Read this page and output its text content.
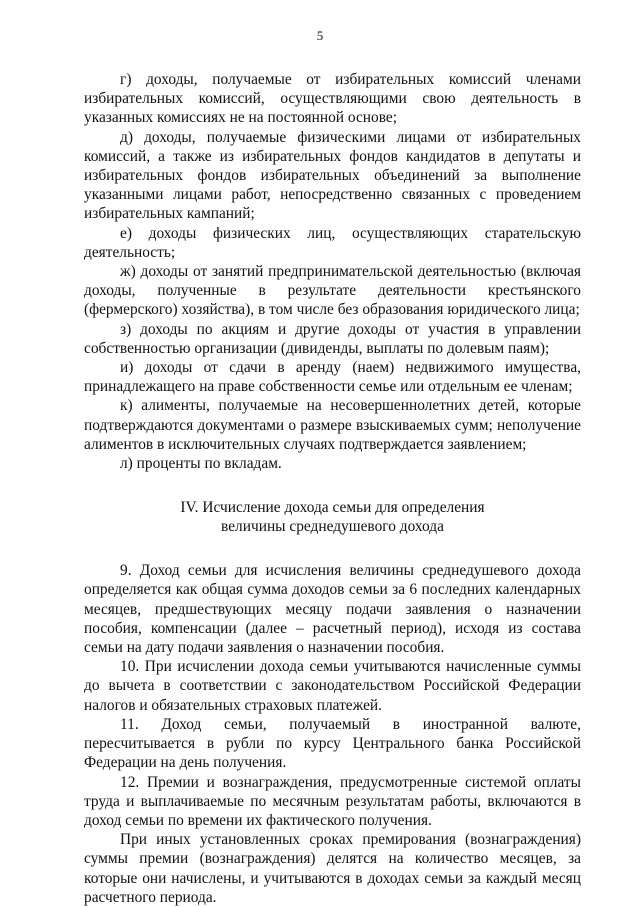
5

г) доходы, получаемые от избирательных комиссий членами избирательных комиссий, осуществляющими свою деятельность в указанных комиссиях не на постоянной основе;

д) доходы, получаемые физическими лицами от избирательных комиссий, а также из избирательных фондов кандидатов в депутаты и избирательных фондов избирательных объединений за выполнение указанными лицами работ, непосредственно связанных с проведением избирательных кампаний;

е) доходы физических лиц, осуществляющих старательскую деятельность;

ж) доходы от занятий предпринимательской деятельностью (включая доходы, полученные в результате деятельности крестьянского (фермерского) хозяйства), в том числе без образования юридического лица;

з) доходы по акциям и другие доходы от участия в управлении собственностью организации (дивиденды, выплаты по долевым паям);

и) доходы от сдачи в аренду (наем) недвижимого имущества, принадлежащего на праве собственности семье или отдельным ее членам;

к) алименты, получаемые на несовершеннолетних детей, которые подтверждаются документами о размере взыскиваемых сумм; неполучение алиментов в исключительных случаях подтверждается заявлением;

л) проценты по вкладам.

IV. Исчисление дохода семьи для определения
величины среднедушевого дохода

9. Доход семьи для исчисления величины среднедушевого дохода определяется как общая сумма доходов семьи за 6 последних календарных месяцев, предшествующих месяцу подачи заявления о назначении пособия, компенсации (далее – расчетный период), исходя из состава семьи на дату подачи заявления о назначении пособия.

10. При исчислении дохода семьи учитываются начисленные суммы до вычета в соответствии с законодательством Российской Федерации налогов и обязательных страховых платежей.

11. Доход семьи, получаемый в иностранной валюте, пересчитывается в рубли по курсу Центрального банка Российской Федерации на день получения.

12. Премии и вознаграждения, предусмотренные системой оплаты труда и выплачиваемые по месячным результатам работы, включаются в доход семьи по времени их фактического получения.

При иных установленных сроках премирования (вознаграждения) суммы премии (вознаграждения) делятся на количество месяцев, за которые они начислены, и учитываются в доходах семьи за каждый месяц расчетного периода.
